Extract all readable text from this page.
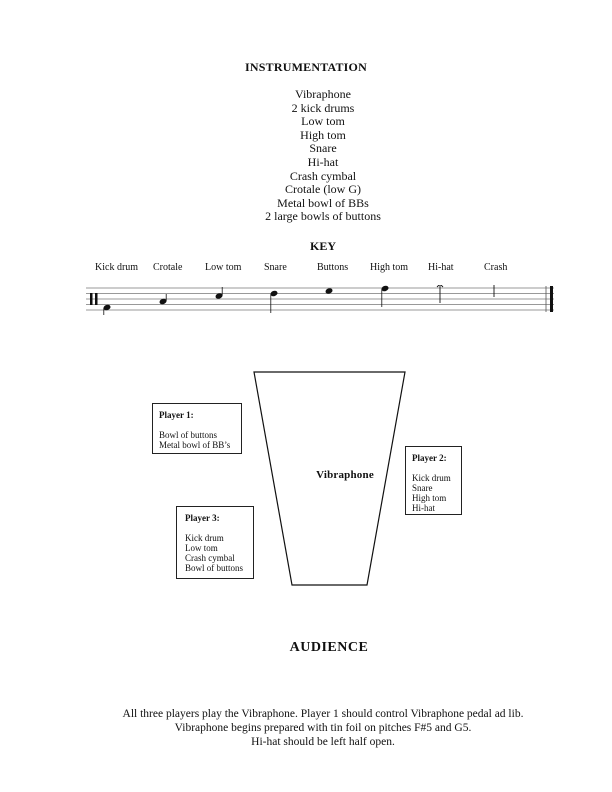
INSTRUMENTATION
Vibraphone
2 kick drums
Low tom
High tom
Snare
Hi-hat
Crash cymbal
Crotale (low G)
Metal bowl of BBs
2 large bowls of buttons
KEY
Kick drum Crotale Low tom Snare	Buttons High tom Hi-hat	Crash
Vibraphone
Player 1:
Bowl of buttons
Metal bowl of BB’s
Player 2:
Kick drum
Snare
High tom
Hi-hat
Player 3:
Kick drum
Low tom
Crash cymbal
Bowl of buttons
AUDIENCE
All three players play the Vibraphone. Player 1 should control Vibraphone pedal ad lib.
Vibraphone begins prepared with tin foil on pitches F#5 and G5.
Hi-hat should be left half open.
